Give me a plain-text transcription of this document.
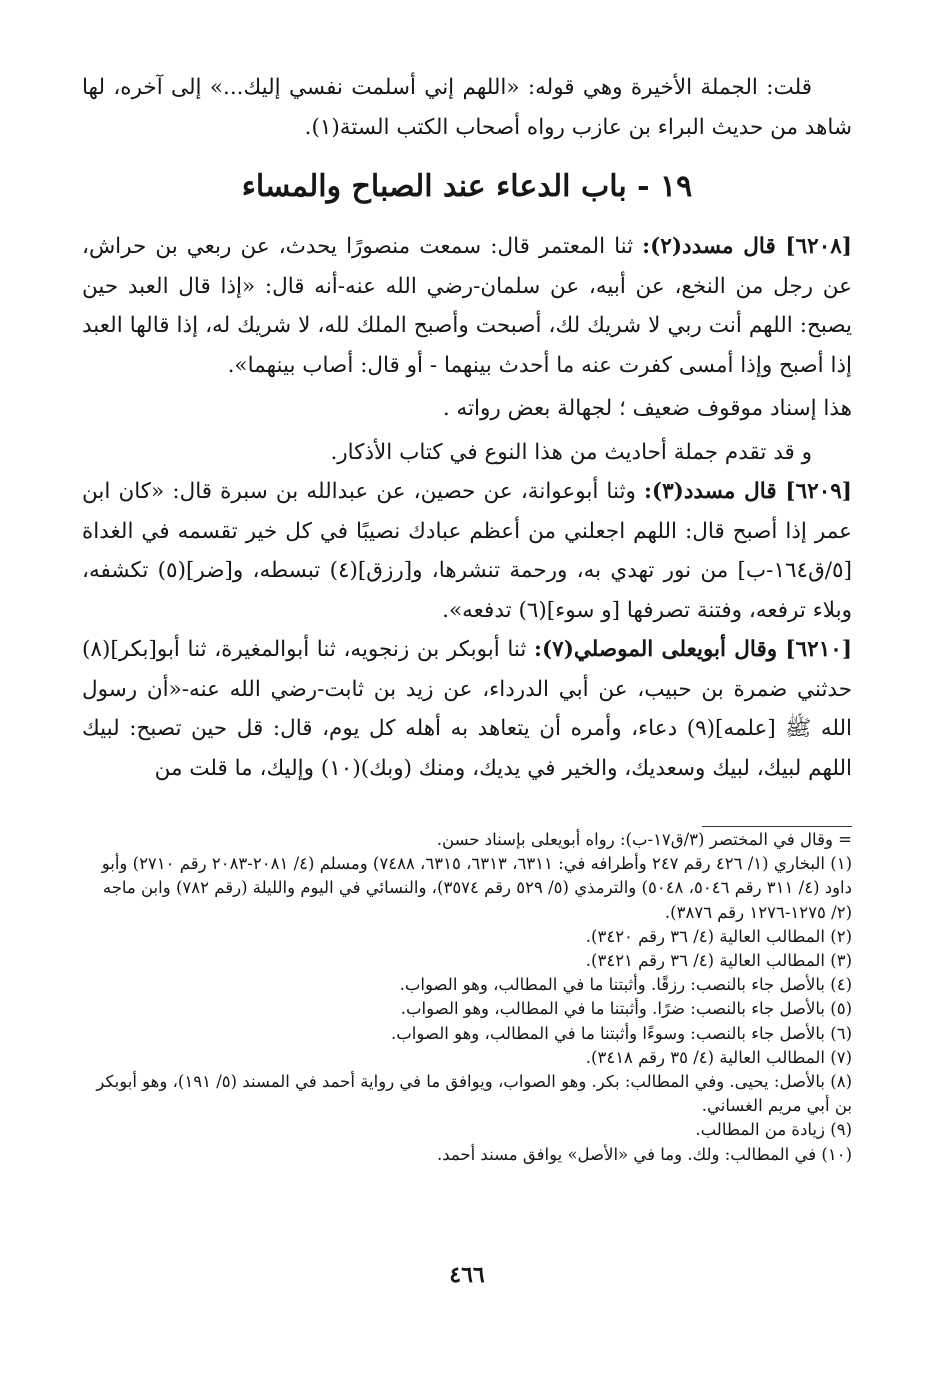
قلت: الجملة الأخيرة وهي قوله: «اللهم إني أسلمت نفسي إليك...» إلى آخره، لها شاهد من حديث البراء بن عازب رواه أصحاب الكتب الستة(١).

١٩ - باب الدعاء عند الصباح والمساء

[٦٢٠٨] قال مسدد(٢): ثنا المعتمر قال: سمعت منصورًا يحدث، عن ربعي بن حراش، عن رجل من النخع، عن أبيه، عن سلمان-رضي الله عنه-أنه قال: «إذا قال العبد حين يصبح: اللهم أنت ربي لا شريك لك، أصبحت وأصبح الملك لله، لا شريك له، إذا قالها العبد إذا أصبح وإذا أمسى كفرت عنه ما أحدث بينهما - أو قال: أصاب بينهما».

هذا إسناد موقوف ضعيف ؛ لجهالة بعض رواته .

و قد تقدم جملة أحاديث من هذا النوع في كتاب الأذكار.

[٦٢٠٩] قال مسدد(٣): وثنا أبوعوانة، عن حصين، عن عبدالله بن سبرة قال: «كان ابن عمر إذا أصبح قال: اللهم اجعلني من أعظم عبادك نصيبًا في كل خير تقسمه في الغداة [٥/ق١٦٤-ب] من نور تهدي به، ورحمة تنشرها، و[رزق](٤) تبسطه، و[ضر](٥) تكشفه، وبلاء ترفعه، وفتنة تصرفها [و سوء](٦) تدفعه».

[٦٢١٠] وقال أبويعلى الموصلي(٧): ثنا أبوبكر بن زنجويه، ثنا أبوالمغيرة، ثنا أبو[بكر](٨) حدثني ضمرة بن حبيب، عن أبي الدرداء، عن زيد بن ثابت-رضي الله عنه-«أن رسول الله ﷺ [علمه](٩) دعاء، وأمره أن يتعاهد به أهله كل يوم، قال: قل حين تصبح: لبيك اللهم لبيك، لبيك وسعديك، والخير في يديك، ومنك (وبك)(١٠) وإليك، ما قلت من

= وقال في المختصر (٣/ق١٧-ب): رواه أبويعلى بإسناد حسن.

(١) البخاري (١/ ٤٢٦ رقم ٢٤٧ وأطرافه في: ٦٣١١، ٦٣١٣، ٦٣١٥، ٧٤٨٨) ومسلم (٤/ ٢٠٨١-٢٠٨٣ رقم ٢٧١٠) وأبو داود (٤/ ٣١١ رقم ٥٠٤٦، ٥٠٤٨) والترمذي (٥/ ٥٢٩ رقم ٣٥٧٤)، والنسائي في اليوم والليلة (رقم ٧٨٢) وابن ماجه (٢/ ١٢٧٥-١٢٧٦ رقم ٣٨٧٦).

(٢) المطالب العالية (٤/ ٣٦ رقم ٣٤٢٠).

(٣) المطالب العالية (٤/ ٣٦ رقم ٣٤٢١).

(٤) بالأصل جاء بالنصب: رزقًا. وأثبتنا ما في المطالب، وهو الصواب.

(٥) بالأصل جاء بالنصب: ضرًا. وأثبتنا ما في المطالب، وهو الصواب.

(٦) بالأصل جاء بالنصب: وسوءًا وأثبتنا ما في المطالب، وهو الصواب.

(٧) المطالب العالية (٤/ ٣٥ رقم ٣٤١٨).

(٨) بالأصل: يحيى. وفي المطالب: بكر. وهو الصواب، ويوافق ما في رواية أحمد في المسند (٥/ ١٩١)، وهو أبوبكر بن أبي مريم الغساني.

(٩) زيادة من المطالب.

(١٠) في المطالب: ولك. وما في «الأصل» يوافق مسند أحمد.

٤٦٦
